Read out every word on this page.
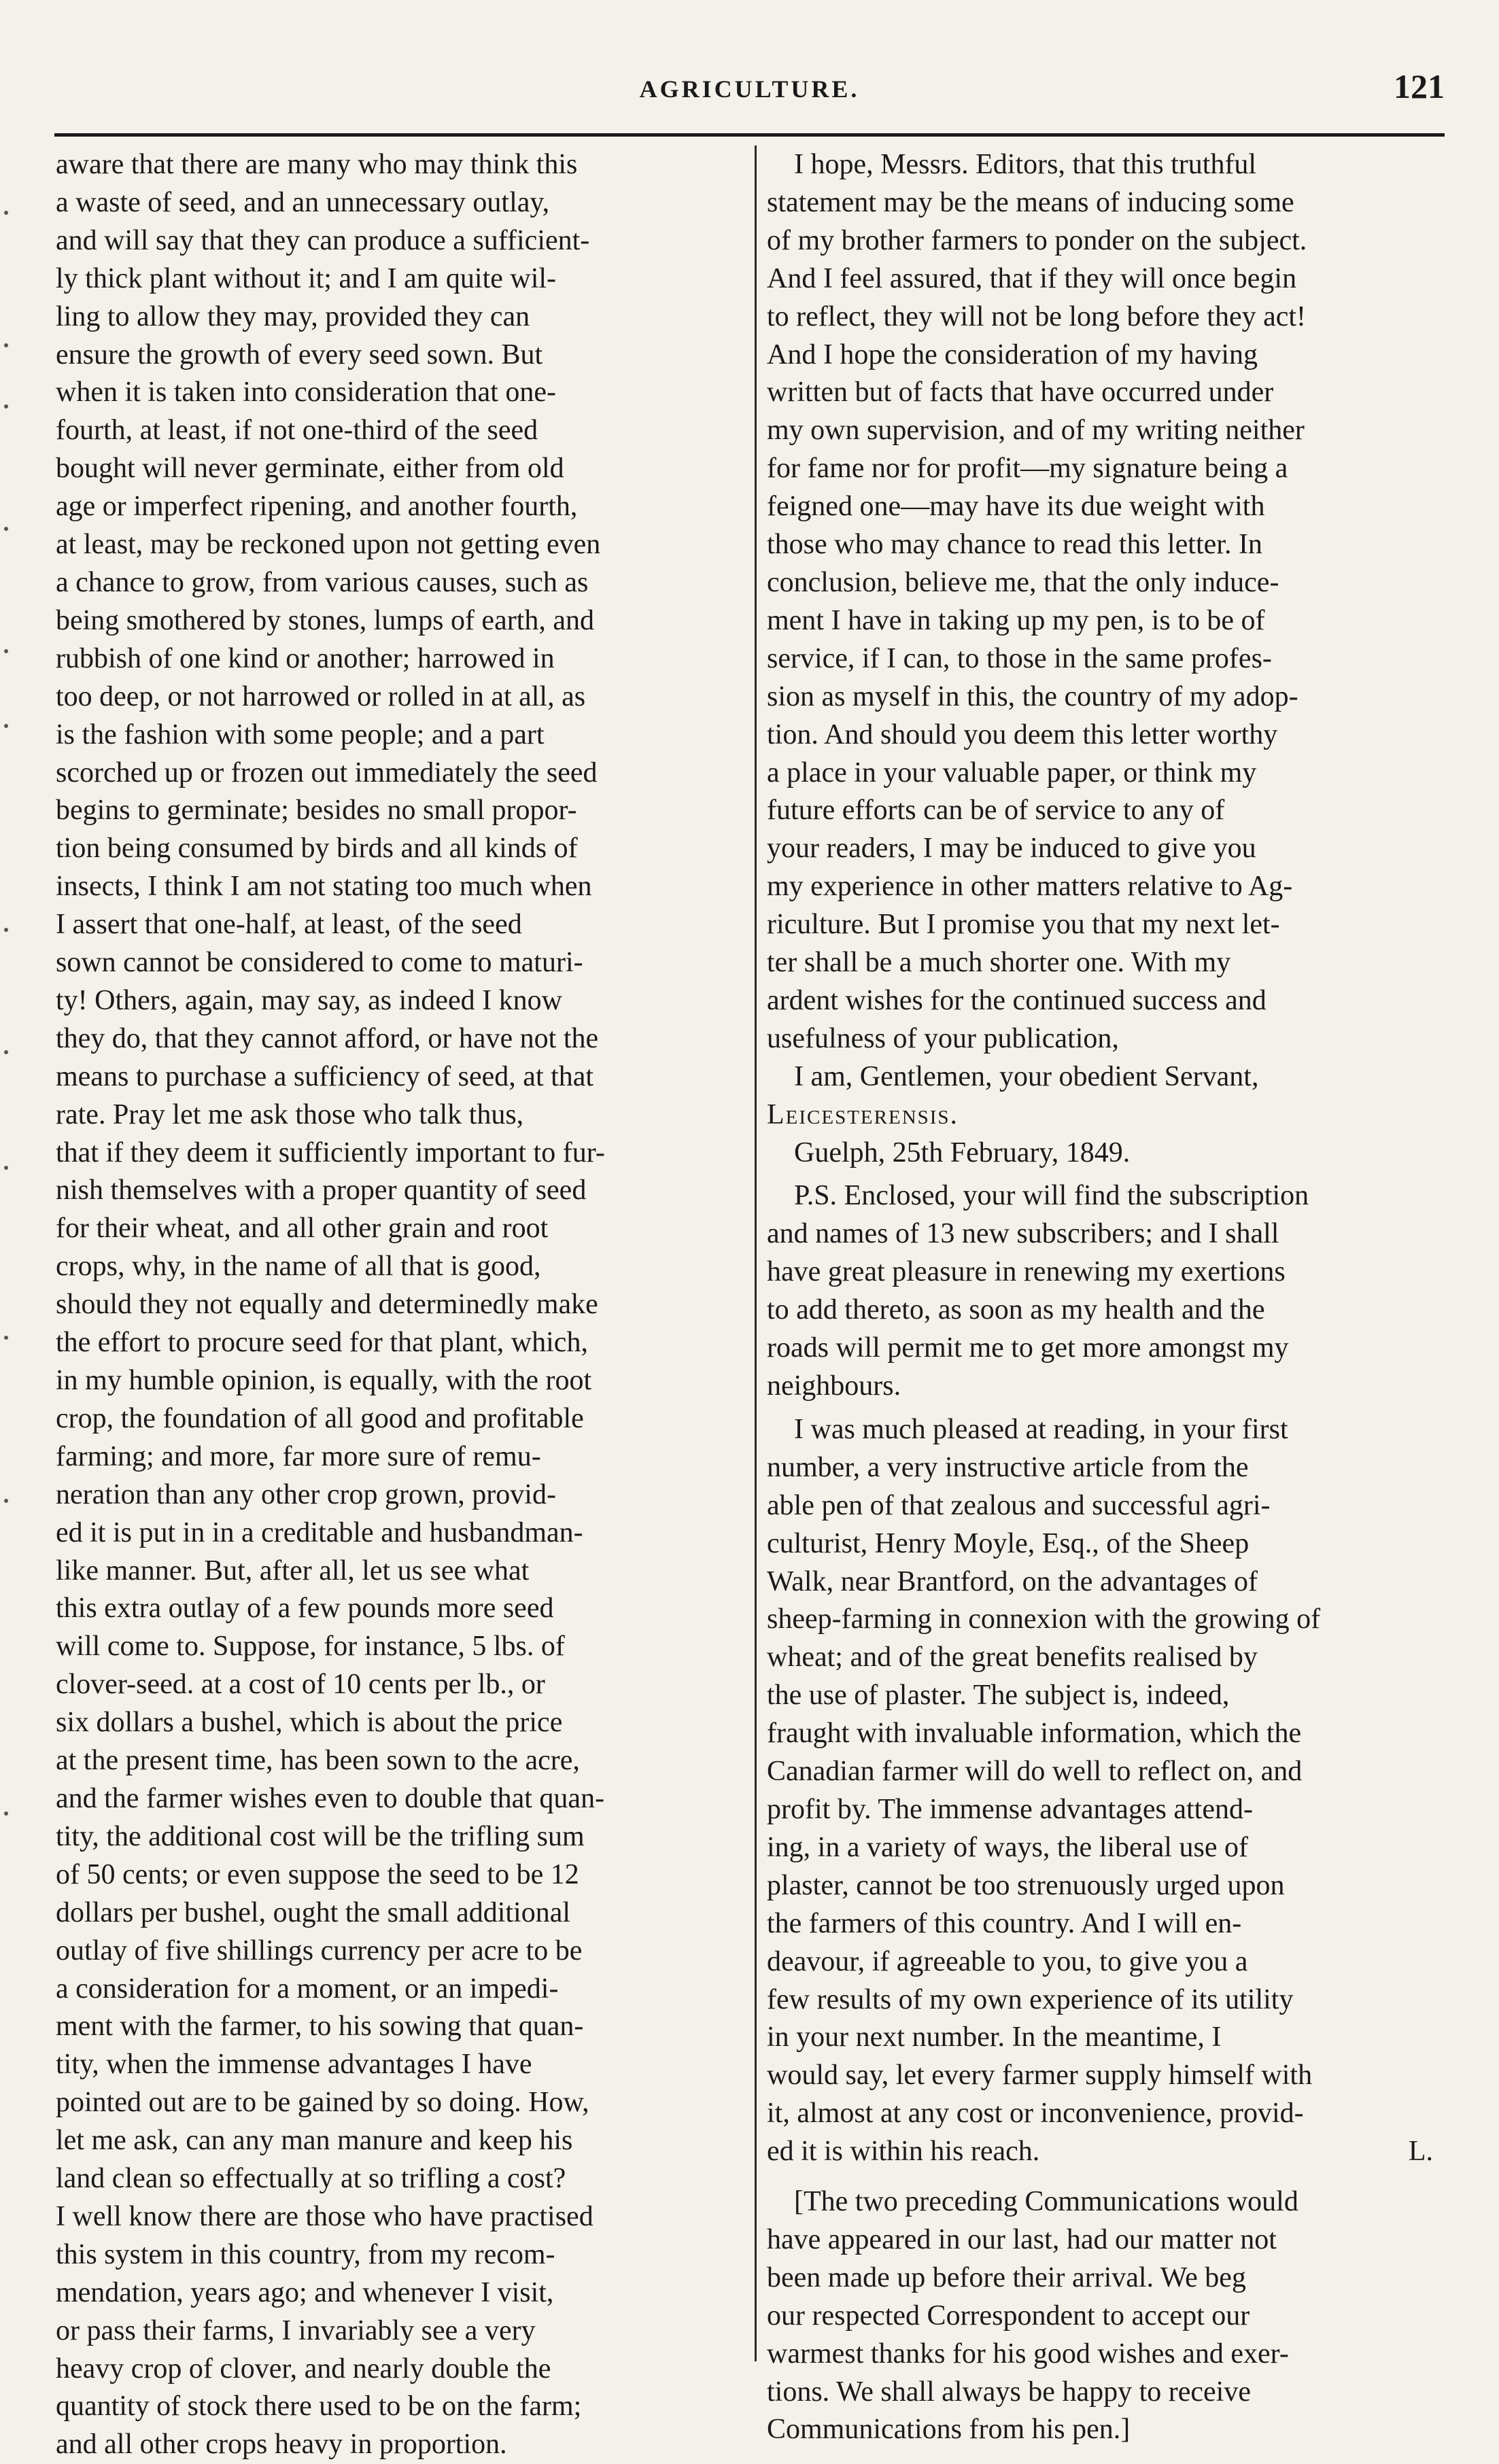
AGRICULTURE.	121
aware that there are many who may think this
a waste of seed, and an unnecessary outlay,
and will say that they can produce a sufficient-
ly thick plant without it; and I am quite wil-
ling to allow they may, provided they can
ensure the growth of every seed sown. But
when it is taken into consideration that one-
fourth, at least, if not one-third of the seed
bought will never germinate, either from old
age or imperfect ripening, and another fourth,
at least, may be reckoned upon not getting even
a chance to grow, from various causes, such as
being smothered by stones, lumps of earth, and
rubbish of one kind or another; harrowed in
too deep, or not harrowed or rolled in at all, as
is the fashion with some people; and a part
scorched up or frozen out immediately the seed
begins to germinate; besides no small propor-
tion being consumed by birds and all kinds of
insects, I think I am not stating too much when
I assert that one-half, at least, of the seed
sown cannot be considered to come to maturi-
ty! Others, again, may say, as indeed I know
they do, that they cannot afford, or have not the
means to purchase a sufficiency of seed, at that
rate. Pray let me ask those who talk thus,
that if they deem it sufficiently important to fur-
nish themselves with a proper quantity of seed
for their wheat, and all other grain and root
crops, why, in the name of all that is good,
should they not equally and determinedly make
the effort to procure seed for that plant, which,
in my humble opinion, is equally, with the root
crop, the foundation of all good and profitable
farming; and more, far more sure of remu-
neration than any other crop grown, provid-
ed it is put in in a creditable and husbandman-
like manner. But, after all, let us see what
this extra outlay of a few pounds more seed
will come to. Suppose, for instance, 5 lbs. of
clover-seed. at a cost of 10 cents per lb., or
six dollars a bushel, which is about the price
at the present time, has been sown to the acre,
and the farmer wishes even to double that quan-
tity, the additional cost will be the trifling sum
of 50 cents; or even suppose the seed to be 12
dollars per bushel, ought the small additional
outlay of five shillings currency per acre to be
a consideration for a moment, or an impedi-
ment with the farmer, to his sowing that quan-
tity, when the immense advantages I have
pointed out are to be gained by so doing. How,
let me ask, can any man manure and keep his
land clean so effectually at so trifling a cost?
I well know there are those who have practised
this system in this country, from my recom-
mendation, years ago; and whenever I visit,
or pass their farms, I invariably see a very
heavy crop of clover, and nearly double the
quantity of stock there used to be on the farm;
and all other crops heavy in proportion.
I hope, Messrs. Editors, that this truthful
statement may be the means of inducing some
of my brother farmers to ponder on the subject.
And I feel assured, that if they will once begin
to reflect, they will not be long before they act!
And I hope the consideration of my having
written but of facts that have occurred under
my own supervision, and of my writing neither
for fame nor for profit—my signature being a
feigned one—may have its due weight with
those who may chance to read this letter. In
conclusion, believe me, that the only induce-
ment I have in taking up my pen, is to be of
service, if I can, to those in the same profes-
sion as myself in this, the country of my adop-
tion. And should you deem this letter worthy
a place in your valuable paper, or think my
future efforts can be of service to any of
your readers, I may be induced to give you
my experience in other matters relative to Ag-
riculture. But I promise you that my next let-
ter shall be a much shorter one. With my
ardent wishes for the continued success and
usefulness of your publication,

I am, Gentlemen, your obedient Servant,

Leicesterensis.

Guelph, 25th February, 1849.

P.S. Enclosed, your will find the subscription
and names of 13 new subscribers; and I shall
have great pleasure in renewing my exertions
to add thereto, as soon as my health and the
roads will permit me to get more amongst my
neighbours.
I was much pleased at reading, in your first
number, a very instructive article from the
able pen of that zealous and successful agri-
culturist, Henry Moyle, Esq., of the Sheep
Walk, near Brantford, on the advantages of
sheep-farming in connexion with the growing of
wheat; and of the great benefits realised by
the use of plaster. The subject is, indeed,
fraught with invaluable information, which the
Canadian farmer will do well to reflect on, and
profit by. The immense advantages attend-
ing, in a variety of ways, the liberal use of
plaster, cannot be too strenuously urged upon
the farmers of this country. And I will en-
deavour, if agreeable to you, to give you a
few results of my own experience of its utility
in your next number. In the meantime, I
would say, let every farmer supply himself with
it, almost at any cost or inconvenience, provid-
ed it is within his reach.	L.
[The two preceding Communications would
have appeared in our last, had our matter not
been made up before their arrival. We beg
our respected Correspondent to accept our
warmest thanks for his good wishes and exer-
tions. We shall always be happy to receive
Communications from his pen.]
